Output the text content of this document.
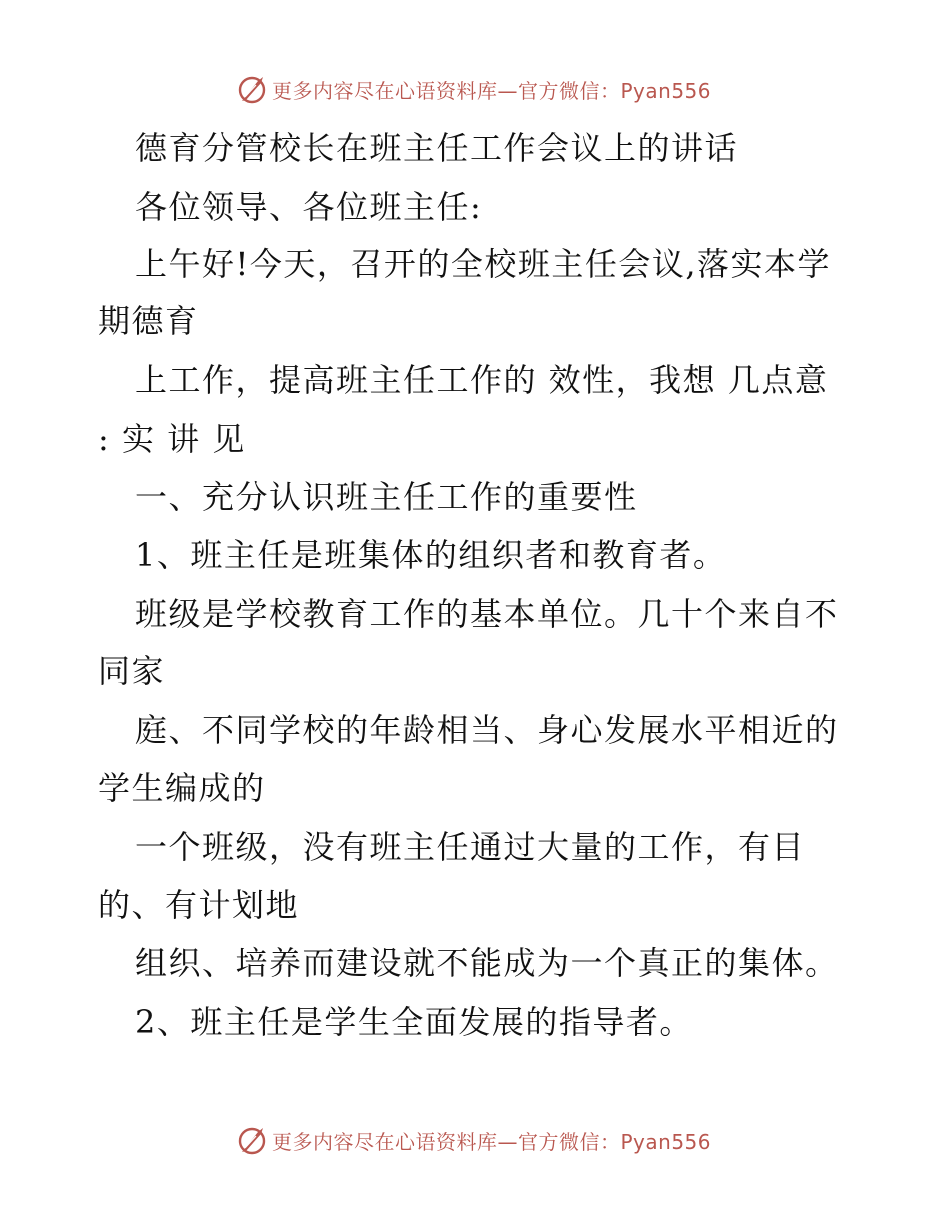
更多内容尽在心语资料库—官方微信：Pyan556
德育分管校长在班主任工作会议上的讲话
各位领导、各位班主任:
上午好!今天，召开的全校班主任会议,落实本学
期德育
上工作，提高班主任工作的 效性，我想 几点意
: 实 讲 见
一、充分认识班主任工作的重要性
1、班主任是班集体的组织者和教育者。
班级是学校教育工作的基本单位。几十个来自不
同家
庭、不同学校的年龄相当、身心发展水平相近的
学生编成的
一个班级，没有班主任通过大量的工作，有目
的、有计划地
组织、培养而建设就不能成为一个真正的集体。
2、班主任是学生全面发展的指导者。
更多内容尽在心语资料库—官方微信：Pyan556
